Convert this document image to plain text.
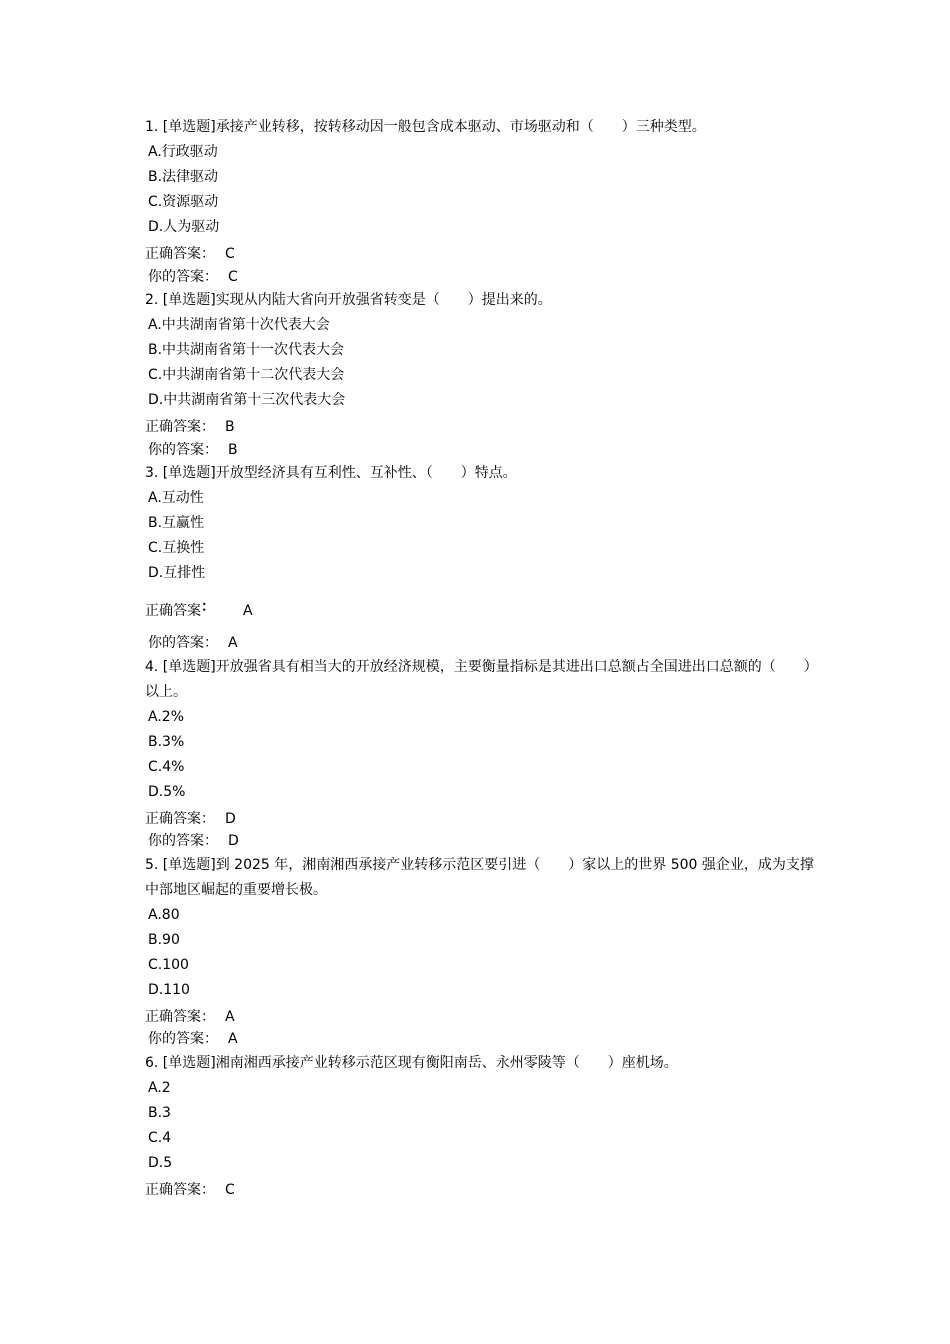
1. [单选题]承接产业转移，按转移动因一般包含成本驱动、市场驱动和（　　）三种类型。

A.行政驱动

B.法律驱动

C.资源驱动

D.人为驱动

正确答案： C

你的答案： C

2. [单选题]实现从内陆大省向开放强省转变是（　　）提出来的。

A.中共湖南省第十次代表大会

B.中共湖南省第十一次代表大会

C.中共湖南省第十二次代表大会

D.中共湖南省第十三次代表大会

正确答案： B

你的答案： B

3. [单选题]开放型经济具有互利性、互补性、（　　）特点。

A.互动性

B.互赢性

C.互换性

D.互排性

正确答案： A

你的答案： A

4. [单选题]开放强省具有相当大的开放经济规模，主要衡量指标是其进出口总额占全国进出口总额的（　　）以上。

A.2%

B.3%

C.4%

D.5%

正确答案： D

你的答案： D

5. [单选题]到 2025 年，湘南湘西承接产业转移示范区要引进（　　）家以上的世界 500 强企业，成为支撑中部地区崛起的重要增长极。

A.80

B.90

C.100

D.110

正确答案： A

你的答案： A

6. [单选题]湘南湘西承接产业转移示范区现有衡阳南岳、永州零陵等（　　）座机场。

A.2

B.3

C.4

D.5

正确答案： C
